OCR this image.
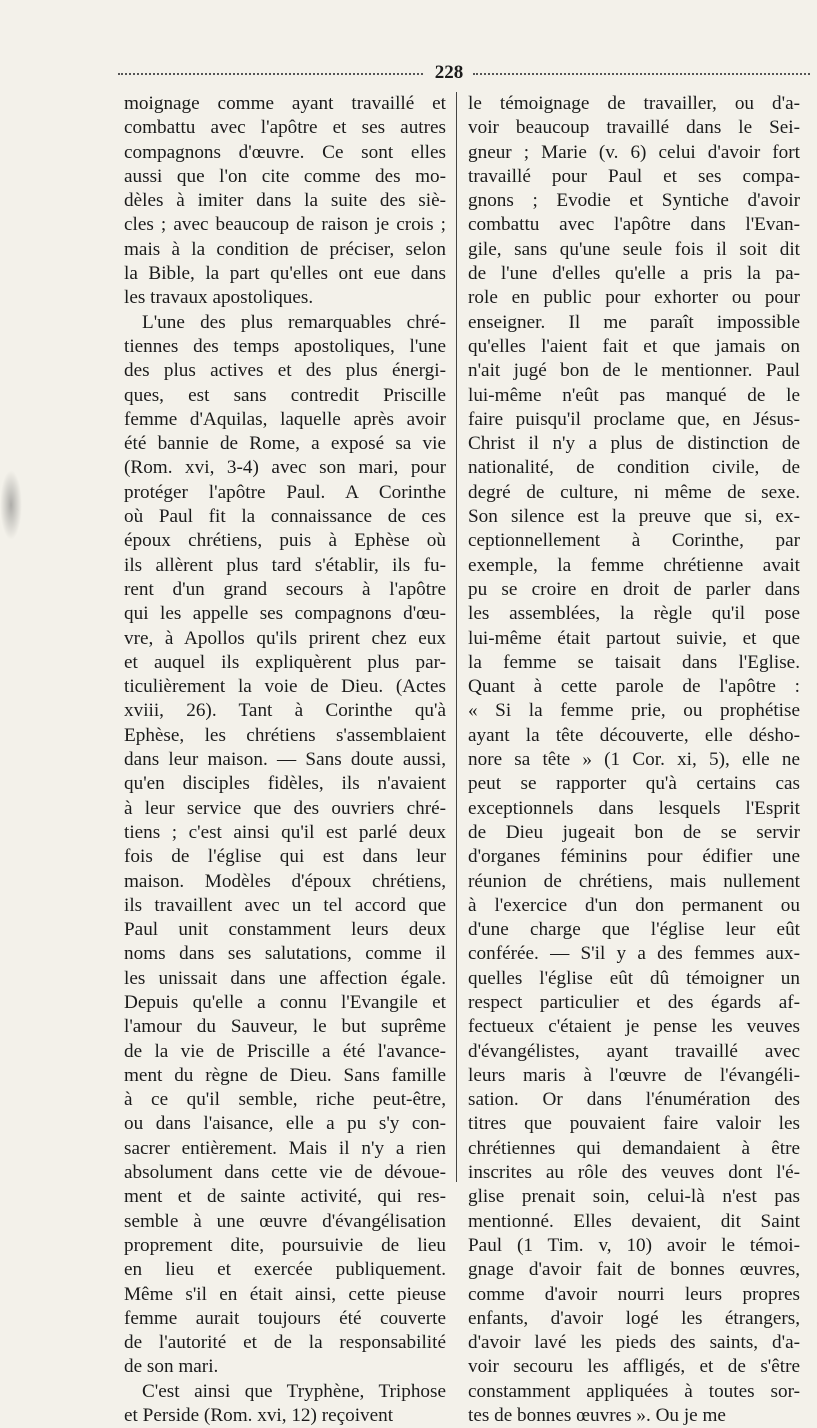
228
moignage comme ayant travaillé et
combattu avec l'apôtre et ses autres
compagnons d'œuvre. Ce sont elles
aussi que l'on cite comme des mo-
dèles à imiter dans la suite des siè-
cles ; avec beaucoup de raison je crois ;
mais à la condition de préciser, selon
la Bible, la part qu'elles ont eue dans
les travaux apostoliques.
L'une des plus remarquables chré-
tiennes des temps apostoliques, l'une
des plus actives et des plus énergi-
ques, est sans contredit Priscille
femme d'Aquilas, laquelle après avoir
été bannie de Rome, a exposé sa vie
(Rom. xvi, 3-4) avec son mari, pour
protéger l'apôtre Paul. A Corinthe
où Paul fit la connaissance de ces
époux chrétiens, puis à Ephèse où
ils allèrent plus tard s'établir, ils fu-
rent d'un grand secours à l'apôtre
qui les appelle ses compagnons d'œu-
vre, à Apollos qu'ils prirent chez eux
et auquel ils expliquèrent plus par-
ticulièrement la voie de Dieu. (Actes
xviii, 26). Tant à Corinthe qu'à
Ephèse, les chrétiens s'assemblaient
dans leur maison. — Sans doute aussi,
qu'en disciples fidèles, ils n'avaient
à leur service que des ouvriers chré-
tiens ; c'est ainsi qu'il est parlé deux
fois de l'église qui est dans leur
maison. Modèles d'époux chrétiens,
ils travaillent avec un tel accord que
Paul unit constamment leurs deux
noms dans ses salutations, comme il
les unissait dans une affection égale.
Depuis qu'elle a connu l'Evangile et
l'amour du Sauveur, le but suprême
de la vie de Priscille a été l'avance-
ment du règne de Dieu. Sans famille
à ce qu'il semble, riche peut-être,
ou dans l'aisance, elle a pu s'y con-
sacrer entièrement. Mais il n'y a rien
absolument dans cette vie de dévoue-
ment et de sainte activité, qui res-
semble à une œuvre d'évangélisation
proprement dite, poursuivie de lieu
en lieu et exercée publiquement.
Même s'il en était ainsi, cette pieuse
femme aurait toujours été couverte
de l'autorité et de la responsabilité
de son mari.
C'est ainsi que Tryphène, Triphose
et Perside (Rom. xvi, 12) reçoivent
le témoignage de travailler, ou d'a-
voir beaucoup travaillé dans le Sei-
gneur ; Marie (v. 6) celui d'avoir fort
travaillé pour Paul et ses compa-
gnons ; Evodie et Syntiche d'avoir
combattu avec l'apôtre dans l'Evan-
gile, sans qu'une seule fois il soit dit
de l'une d'elles qu'elle a pris la pa-
role en public pour exhorter ou pour
enseigner. Il me paraît impossible
qu'elles l'aient fait et que jamais on
n'ait jugé bon de le mentionner. Paul
lui-même n'eût pas manqué de le
faire puisqu'il proclame que, en Jésus-
Christ il n'y a plus de distinction de
nationalité, de condition civile, de
degré de culture, ni même de sexe.
Son silence est la preuve que si, ex-
ceptionnellement à Corinthe, par
exemple, la femme chrétienne avait
pu se croire en droit de parler dans
les assemblées, la règle qu'il pose
lui-même était partout suivie, et que
la femme se taisait dans l'Eglise.
Quant à cette parole de l'apôtre :
« Si la femme prie, ou prophétise
ayant la tête découverte, elle désho-
nore sa tête » (1 Cor. xi, 5), elle ne
peut se rapporter qu'à certains cas
exceptionnels dans lesquels l'Esprit
de Dieu jugeait bon de se servir
d'organes féminins pour édifier une
réunion de chrétiens, mais nullement
à l'exercice d'un don permanent ou
d'une charge que l'église leur eût
conférée. — S'il y a des femmes aux-
quelles l'église eût dû témoigner un
respect particulier et des égards af-
fectueux c'étaient je pense les veuves
d'évangélistes, ayant travaillé avec
leurs maris à l'œuvre de l'évangéli-
sation. Or dans l'énumération des
titres que pouvaient faire valoir les
chrétiennes qui demandaient à être
inscrites au rôle des veuves dont l'é-
glise prenait soin, celui-là n'est pas
mentionné. Elles devaient, dit Saint
Paul (1 Tim. v, 10) avoir le témoi-
gnage d'avoir fait de bonnes œuvres,
comme d'avoir nourri leurs propres
enfants, d'avoir logé les étrangers,
d'avoir lavé les pieds des saints, d'a-
voir secouru les affligés, et de s'être
constamment appliquées à toutes sor-
tes de bonnes œuvres ». Ou je me
